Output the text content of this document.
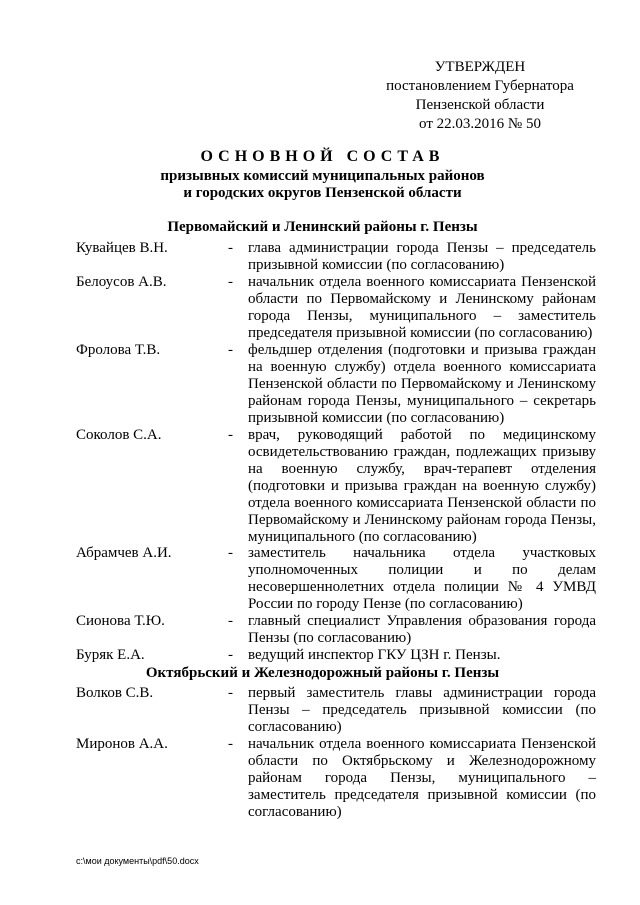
УТВЕРЖДЕН
постановлением Губернатора
Пензенской области
от 22.03.2016 № 50
ОСНОВНОЙ СОСТАВ
призывных комиссий муниципальных районов
и городских округов Пензенской области
Первомайский и Ленинский районы г. Пензы
Кувайцев В.Н.	-	глава администрации города Пензы – председатель призывной комиссии (по согласованию)
Белоусов А.В.	-	начальник отдела военного комиссариата Пензенской области по Первомайскому и Ленинскому районам города Пензы, муниципального – заместитель председателя призывной комиссии (по согласованию)
Фролова Т.В.	-	фельдшер отделения (подготовки и призыва граждан на военную службу) отдела военного комиссариата Пензенской области по Первомайскому и Ленинскому районам города Пензы, муниципального – секретарь призывной комиссии (по согласованию)
Соколов С.А.	-	врач, руководящий работой по медицинскому освидетельствованию граждан, подлежащих призыву на военную службу, врач-терапевт отделения (подготовки и призыва граждан на военную службу) отдела военного комиссариата Пензенской области по Первомайскому и Ленинскому районам города Пензы, муниципального (по согласованию)
Абрамчев А.И.	-	заместитель начальника отдела участковых уполномоченных полиции и по делам несовершеннолетних отдела полиции № 4 УМВД России по городу Пензе (по согласованию)
Сионова Т.Ю.	-	главный специалист Управления образования города Пензы (по согласованию)
Буряк Е.А.	-	ведущий инспектор ГКУ ЦЗН г. Пензы.
Октябрьский и Железнодорожный районы г. Пензы
Волков С.В.	-	первый заместитель главы администрации города Пензы – председатель призывной комиссии (по согласованию)
Миронов А.А.	-	начальник отдела военного комиссариата Пензенской области по Октябрьскому и Железнодорожному районам города Пензы, муниципального – заместитель председателя призывной комиссии (по согласованию)
c:\мои документы\pdf\50.docx
